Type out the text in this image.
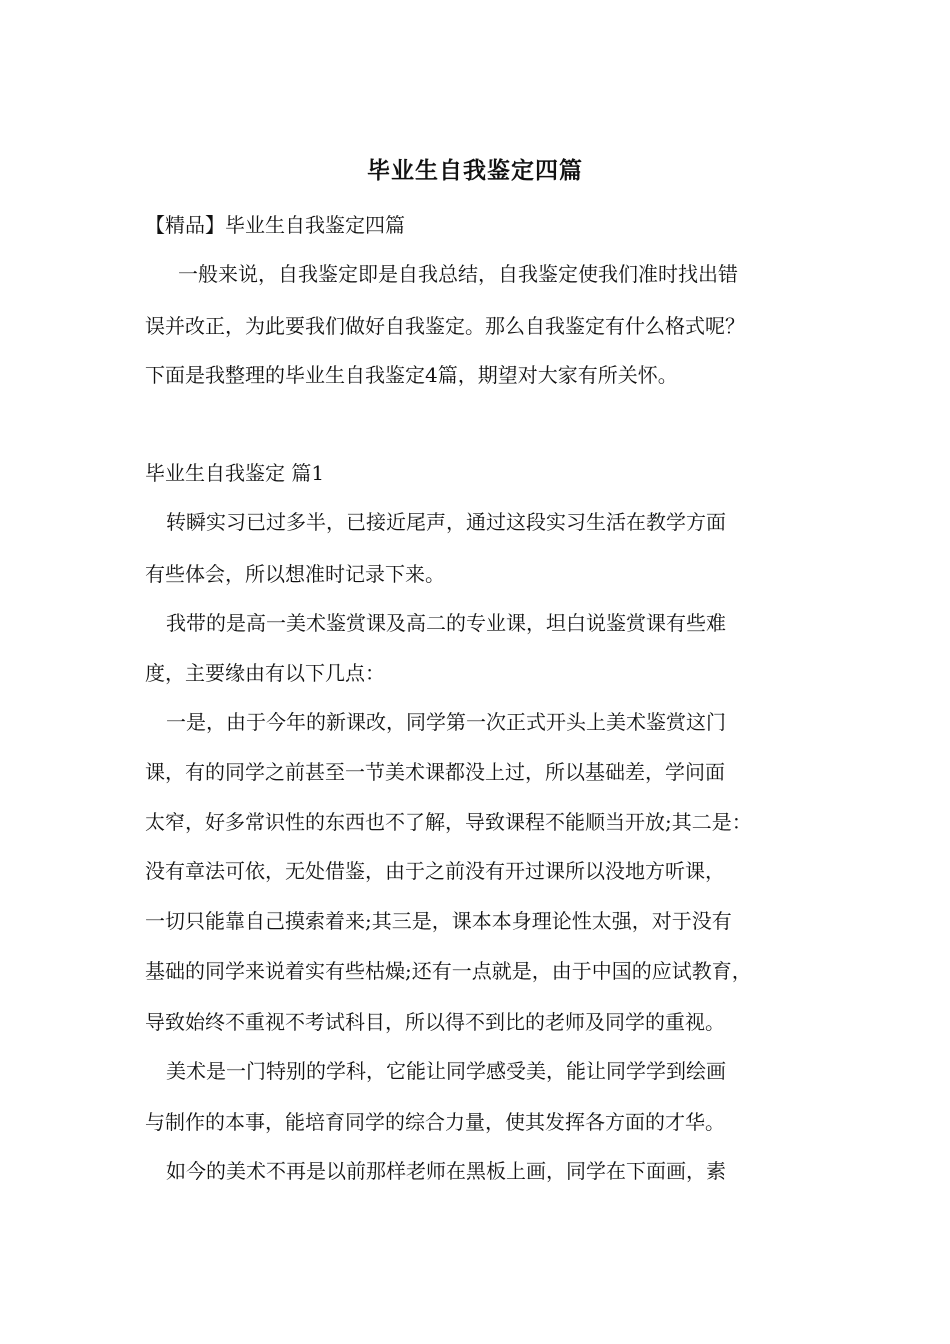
毕业生自我鉴定四篇
【精品】毕业生自我鉴定四篇
一般来说，自我鉴定即是自我总结，自我鉴定使我们准时找出错
误并改正，为此要我们做好自我鉴定。那么自我鉴定有什么格式呢？
下面是我整理的毕业生自我鉴定4篇，期望对大家有所关怀。
毕业生自我鉴定 篇1
转瞬实习已过多半，已接近尾声，通过这段实习生活在教学方面
有些体会，所以想准时记录下来。
我带的是高一美术鉴赏课及高二的专业课，坦白说鉴赏课有些难
度，主要缘由有以下几点：
一是，由于今年的新课改，同学第一次正式开头上美术鉴赏这门
课，有的同学之前甚至一节美术课都没上过，所以基础差，学问面
太窄，好多常识性的东西也不了解，导致课程不能顺当开放;其二是：
没有章法可依，无处借鉴，由于之前没有开过课所以没地方听课，
一切只能靠自己摸索着来;其三是，课本本身理论性太强，对于没有
基础的同学来说着实有些枯燥;还有一点就是，由于中国的应试教育，
导致始终不重视不考试科目，所以得不到比的老师及同学的重视。
美术是一门特别的学科，它能让同学感受美，能让同学学到绘画
与制作的本事，能培育同学的综合力量，使其发挥各方面的才华。
如今的美术不再是以前那样老师在黑板上画，同学在下面画，素
